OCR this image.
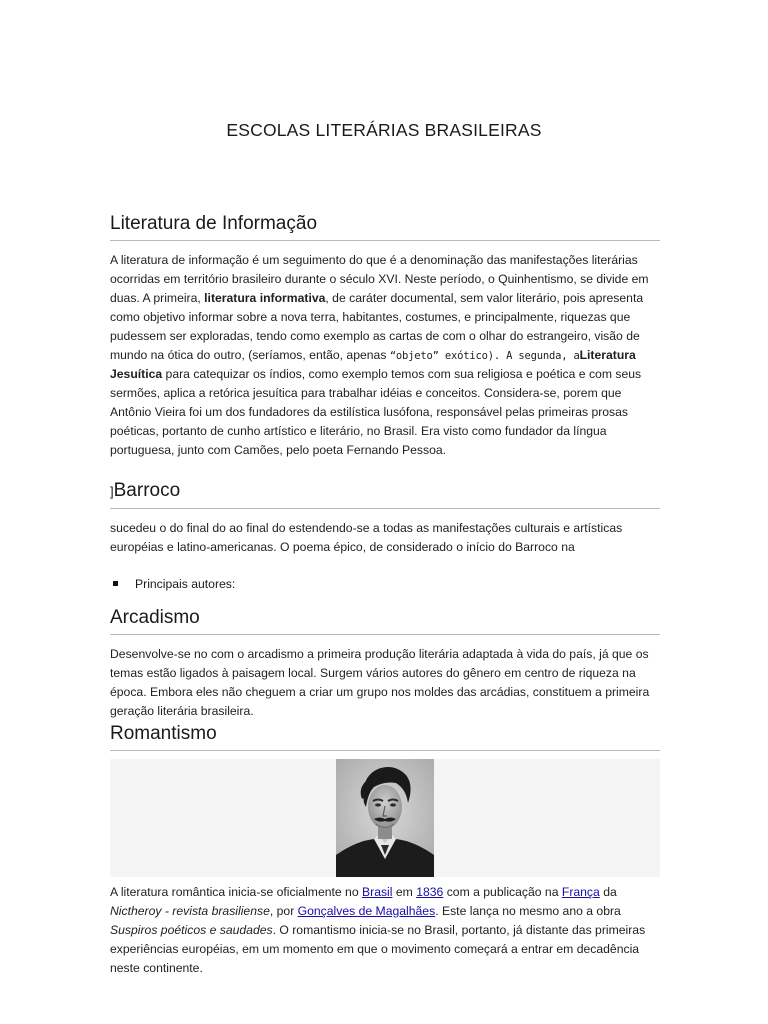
ESCOLAS LITERÁRIAS BRASILEIRAS
Literatura de Informação

A literatura de informação é um seguimento do que é a denominação das manifestações literárias ocorridas em território brasileiro durante o século XVI. Neste período, o Quinhentismo, se divide em duas. A primeira, literatura informativa, de caráter documental, sem valor literário, pois apresenta como objetivo informar sobre a nova terra, habitantes, costumes, e principalmente, riquezas que pudessem ser exploradas, tendo como exemplo as cartas de com o olhar do estrangeiro, visão de mundo na ótica do outro, (seríamos, então, apenas “objeto” exótico). A segunda, aLiteratura Jesuítica para catequizar os índios, como exemplo temos com sua religiosa e poética e com seus sermões, aplica a retórica jesuítica para trabalhar idéias e conceitos. Considera-se, porem que Antônio Vieira foi um dos fundadores da estilística lusófona, responsável pelas primeiras prosas poéticas, portanto de cunho artístico e literário, no Brasil. Era visto como fundador da língua portuguesa, junto com Camões, pelo poeta Fernando Pessoa.

]Barroco

sucedeu o do final do ao final do estendendo-se a todas as manifestações culturais e artísticas européias e latino-americanas. O poema épico, de considerado o início do Barroco na

Principais autores:
Arcadismo

Desenvolve-se no com o arcadismo a primeira produção literária adaptada à vida do país, já que os temas estão ligados à paisagem local. Surgem vários autores do gênero em centro de riqueza na época. Embora eles não cheguem a criar um grupo nos moldes das arcádias, constituem a primeira geração literária brasileira.

Romantismo

A literatura romântica inicia-se oficialmente no Brasil em 1836 com a publicação na França da Nictheroy - revista brasiliense, por Gonçalves de Magalhães. Este lança no mesmo ano a obra Suspiros poéticos e saudades. O romantismo inicia-se no Brasil, portanto, já distante das primeiras experiências européias, em um momento em que o movimento começará a entrar em decadência neste continente.
